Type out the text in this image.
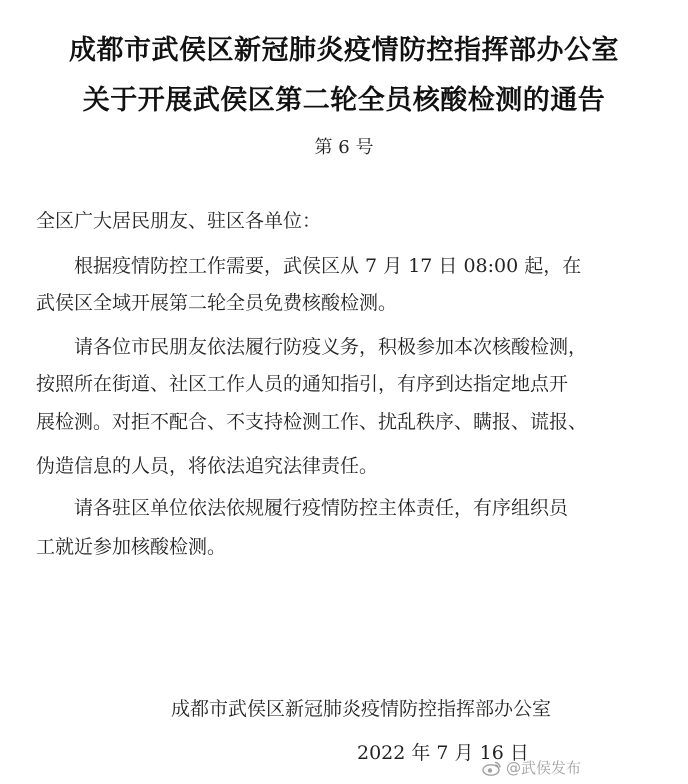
成都市武侯区新冠肺炎疫情防控指挥部办公室
关于开展武侯区第二轮全员核酸检测的通告
第 6 号
全区广大居民朋友、驻区各单位：
　　根据疫情防控工作需要，武侯区从 7 月 17 日 08:00 起，在
武侯区全域开展第二轮全员免费核酸检测。
　　请各位市民朋友依法履行防疫义务，积极参加本次核酸检测，
按照所在街道、社区工作人员的通知指引，有序到达指定地点开
展检测。对拒不配合、不支持检测工作、扰乱秩序、瞒报、谎报、
伪造信息的人员，将依法追究法律责任。
　　请各驻区单位依法依规履行疫情防控主体责任，有序组织员
工就近参加核酸检测。
成都市武侯区新冠肺炎疫情防控指挥部办公室
2022 年 7 月 16 日
@武侯发布
